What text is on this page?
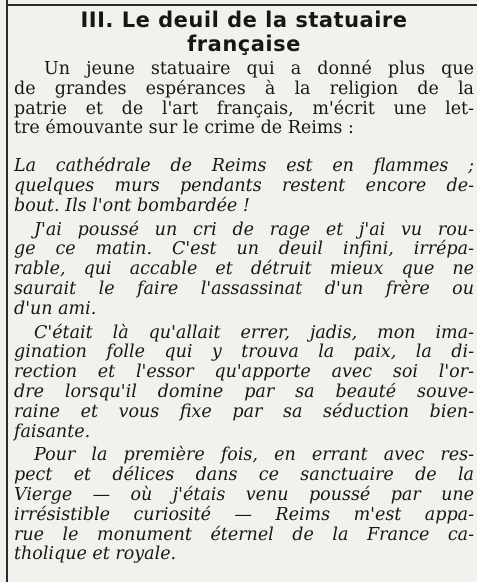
III. Le deuil de la statuaire
française

Un jeune statuaire qui a donné plus que
de grandes espérances à la religion de la
patrie et de l'art français, m'écrit une let-
tre émouvante sur le crime de Reims :

La cathédrale de Reims est en flammes ;
quelques murs pendants restent encore de-
bout. Ils l'ont bombardée !

J'ai poussé un cri de rage et j'ai vu rou-
ge ce matin. C'est un deuil infini, irrépa-
rable, qui accable et détruit mieux que ne
saurait le faire l'assassinat d'un frère ou
d'un ami.

C'était là qu'allait errer, jadis, mon ima-
gination folle qui y trouva la paix, la di-
rection et l'essor qu'apporte avec soi l'or-
dre lorsqu'il domine par sa beauté souve-
raine et vous fixe par sa séduction bien-
faisante.

Pour la première fois, en errant avec res-
pect et délices dans ce sanctuaire de la
Vierge — où j'étais venu poussé par une
irrésistible curiosité — Reims m'est appa-
rue le monument éternel de la France ca-
tholique et royale.
